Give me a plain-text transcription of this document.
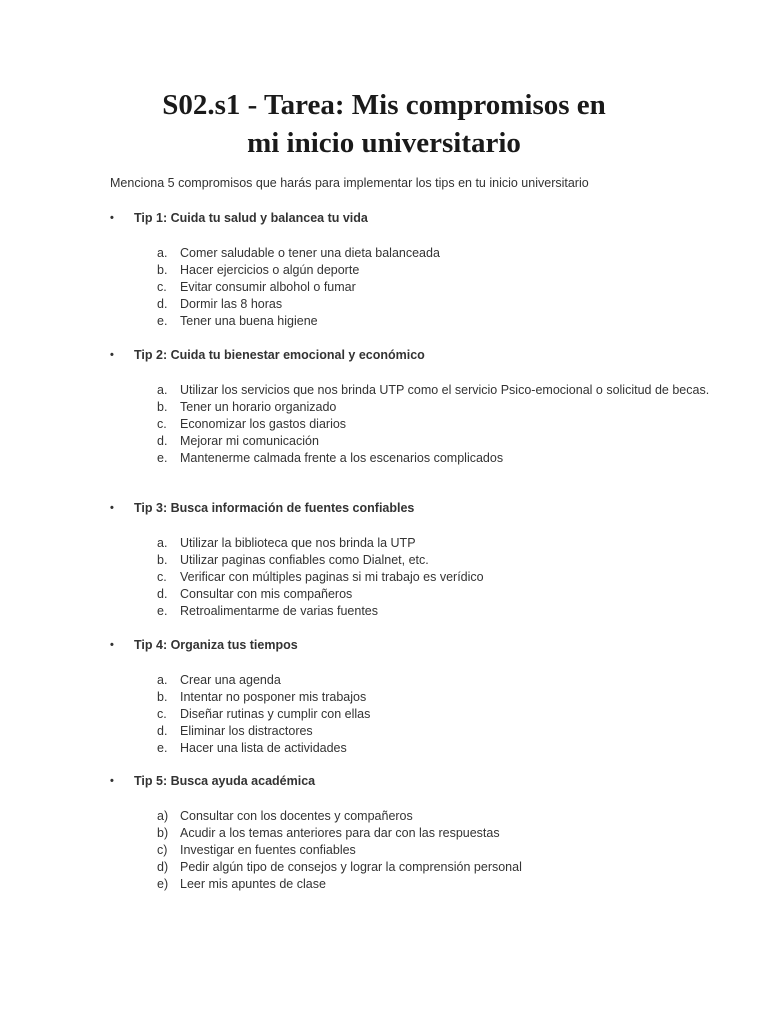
S02.s1 - Tarea: Mis compromisos en
mi inicio universitario

Menciona 5 compromisos que harás para implementar los tips en tu inicio universitario

• Tip 1: Cuida tu salud y balancea tu vida
a. Comer saludable o tener una dieta balanceada
b. Hacer ejercicios o algún deporte
c. Evitar consumir albohol o fumar
d. Dormir las 8 horas
e. Tener una buena higiene
• Tip 2: Cuida tu bienestar emocional y económico
a. Utilizar los servicios que nos brinda UTP como el servicio Psico-emocional o solicitud de becas.
b. Tener un horario organizado
c. Economizar los gastos diarios
d. Mejorar mi comunicación
e. Mantenerme calmada frente a los escenarios complicados
• Tip 3: Busca información de fuentes confiables
a. Utilizar la biblioteca que nos brinda la UTP
b. Utilizar paginas confiables como Dialnet, etc.
c. Verificar con múltiples paginas si mi trabajo es verídico
d. Consultar con mis compañeros
e. Retroalimentarme de varias fuentes
• Tip 4: Organiza tus tiempos
a. Crear una agenda
b. Intentar no posponer mis trabajos
c. Diseñar rutinas y cumplir con ellas
d. Eliminar los distractores
e. Hacer una lista de actividades
• Tip 5: Busca ayuda académica
a) Consultar con los docentes y compañeros
b) Acudir a los temas anteriores para dar con las respuestas
c) Investigar en fuentes confiables
d) Pedir algún tipo de consejos y lograr la comprensión personal
e) Leer mis apuntes de clase
